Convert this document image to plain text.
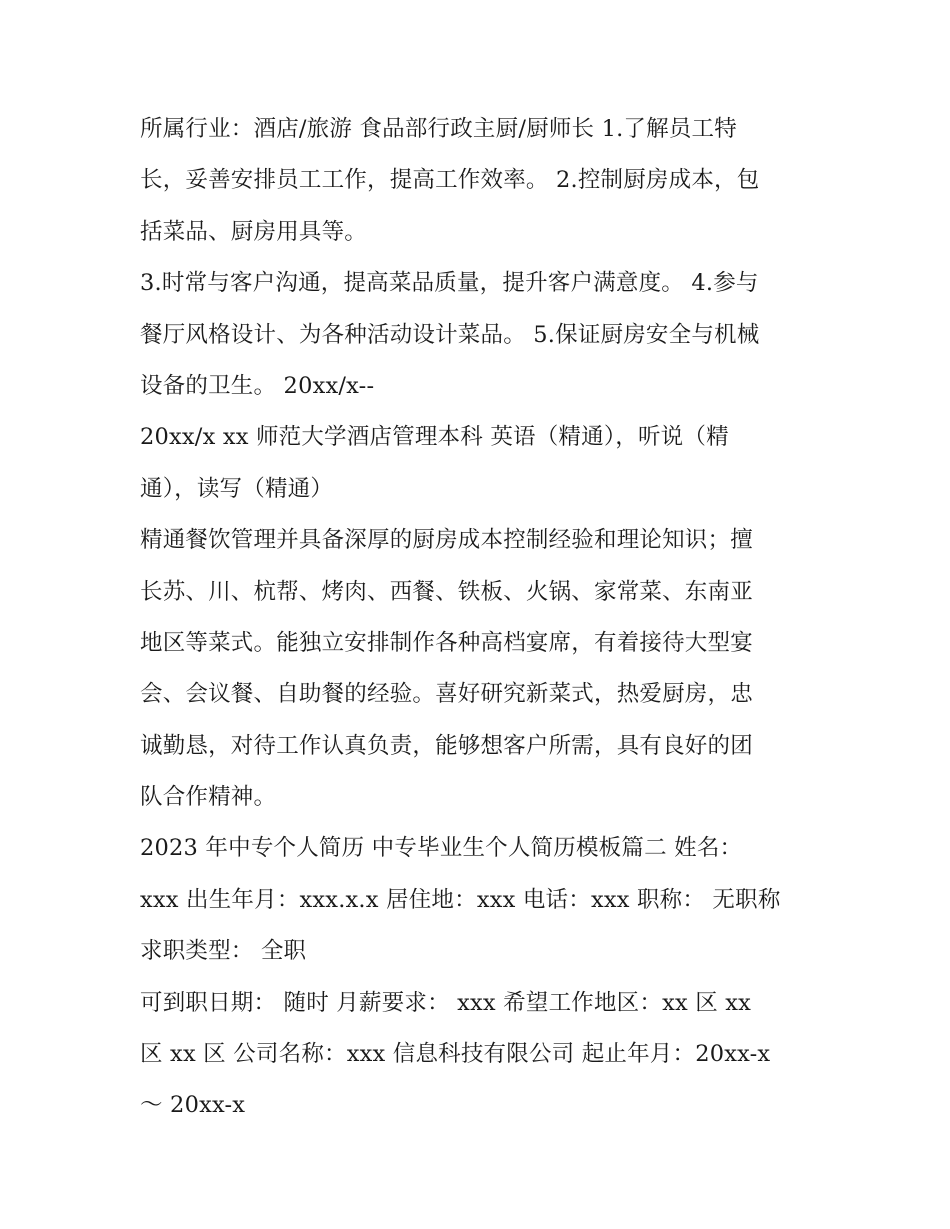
所属行业：酒店/旅游 食品部行政主厨/厨师长 1.了解员工特
长，妥善安排员工工作，提高工作效率。 2.控制厨房成本，包
括菜品、厨房用具等。
3.时常与客户沟通，提高菜品质量，提升客户满意度。 4.参与
餐厅风格设计、为各种活动设计菜品。 5.保证厨房安全与机械
设备的卫生。 20xx/x--
20xx/x xx 师范大学酒店管理本科 英语（精通），听说（精
通），读写（精通）
精通餐饮管理并具备深厚的厨房成本控制经验和理论知识；擅
长苏、川、杭帮、烤肉、西餐、铁板、火锅、家常菜、东南亚
地区等菜式。能独立安排制作各种高档宴席，有着接待大型宴
会、会议餐、自助餐的经验。喜好研究新菜式，热爱厨房，忠
诚勤恳，对待工作认真负责，能够想客户所需，具有良好的团
队合作精神。
2023 年中专个人简历 中专毕业生个人简历模板篇二 姓名：
xxx 出生年月：xxx.x.x 居住地：xxx 电话：xxx 职称： 无职称
求职类型： 全职
可到职日期： 随时 月薪要求： xxx 希望工作地区：xx 区 xx
区 xx 区 公司名称：xxx 信息科技有限公司 起止年月：20xx-x
～ 20xx-x
